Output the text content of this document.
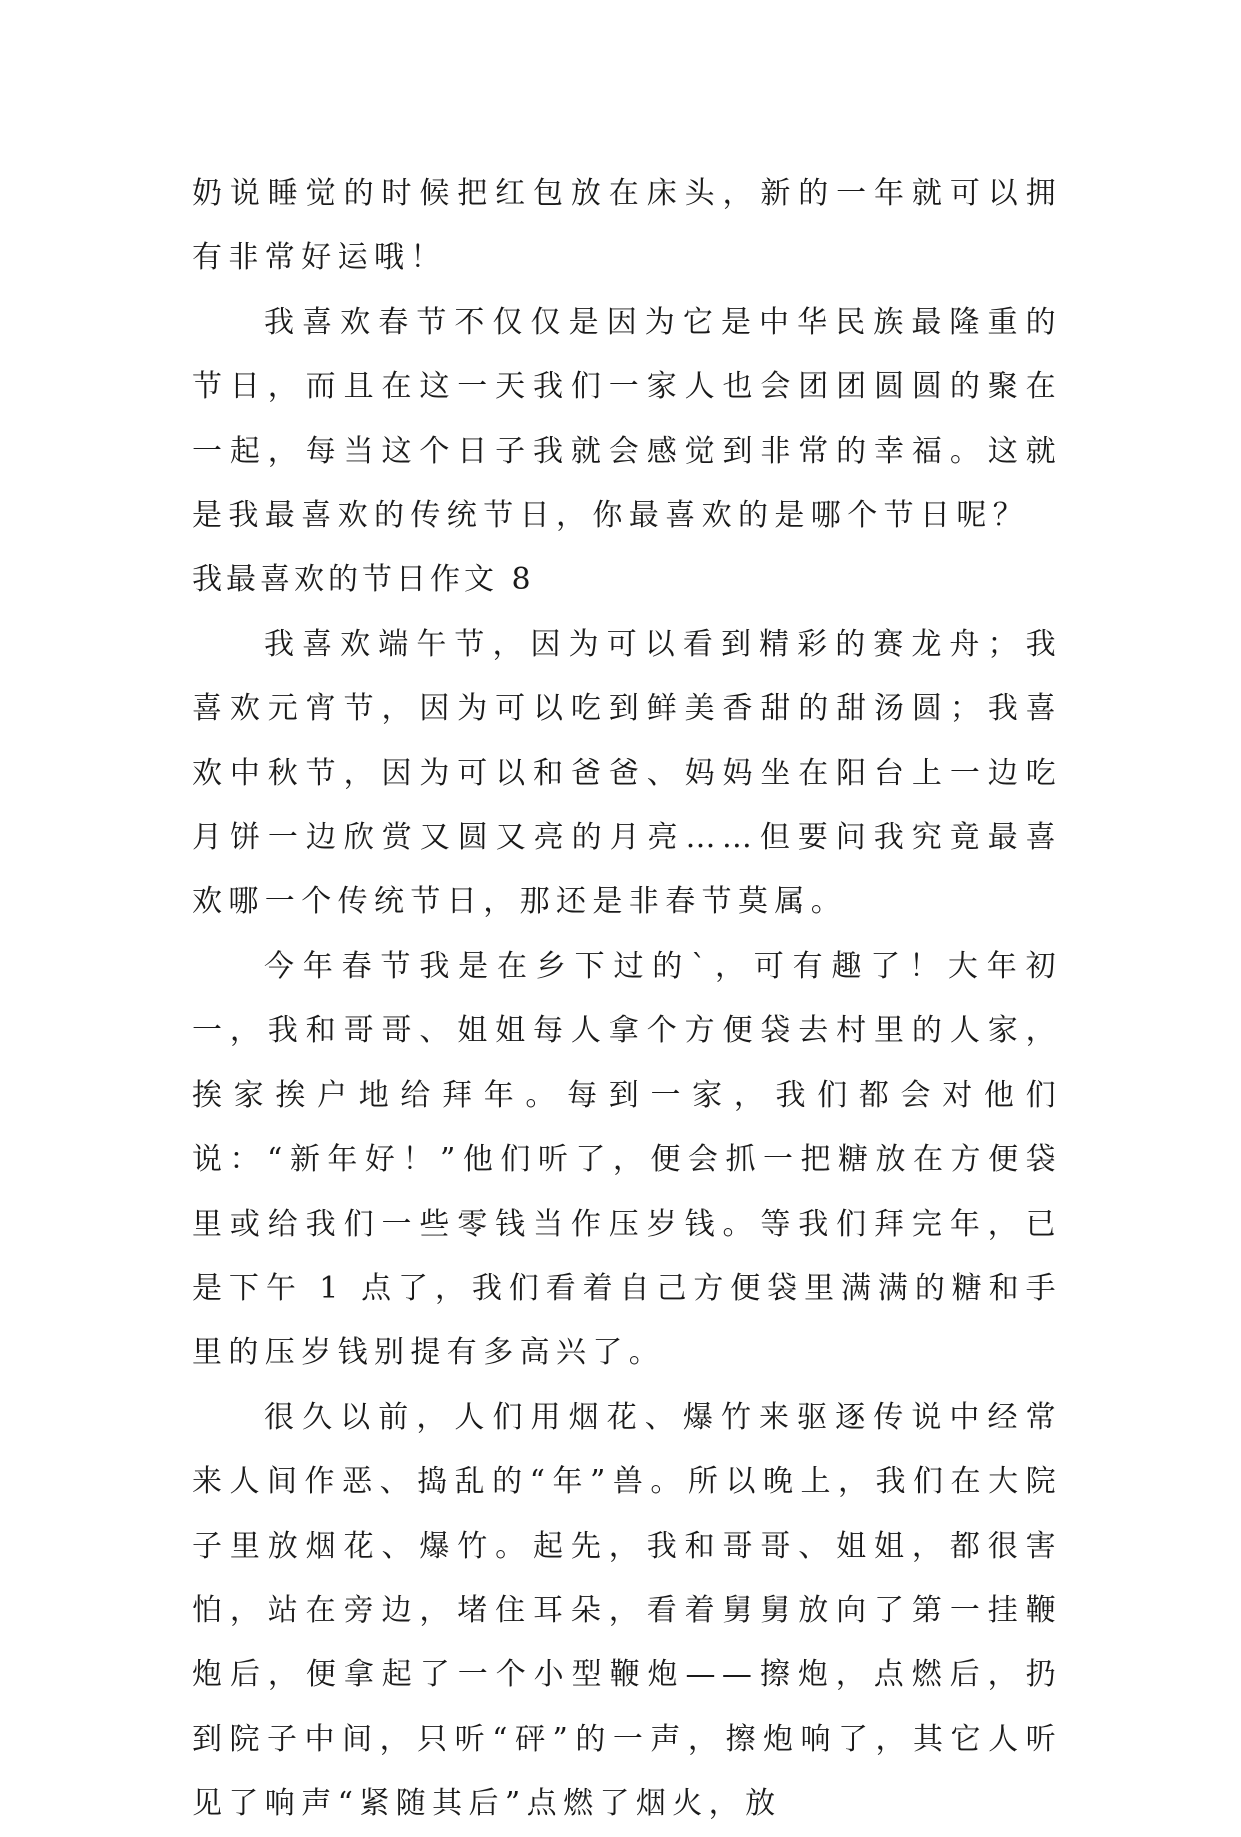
奶说睡觉的时候把红包放在床头，新的一年就可以拥有非常好运哦！

我喜欢春节不仅仅是因为它是中华民族最隆重的节日，而且在这一天我们一家人也会团团圆圆的聚在一起，每当这个日子我就会感觉到非常的幸福。这就是我最喜欢的传统节日，你最喜欢的是哪个节日呢？

我最喜欢的节日作文 8

我喜欢端午节，因为可以看到精彩的赛龙舟；我喜欢元宵节，因为可以吃到鲜美香甜的甜汤圆；我喜欢中秋节，因为可以和爸爸、妈妈坐在阳台上一边吃月饼一边欣赏又圆又亮的月亮……但要问我究竟最喜欢哪一个传统节日，那还是非春节莫属。

今年春节我是在乡下过的`，可有趣了！大年初一，我和哥哥、姐姐每人拿个方便袋去村里的人家，挨家挨户地给拜年。每到一家，我们都会对他们说：“新年好！”他们听了，便会抓一把糖放在方便袋里或给我们一些零钱当作压岁钱。等我们拜完年，已是下午 1 点了，我们看着自己方便袋里满满的糖和手里的压岁钱别提有多高兴了。

很久以前，人们用烟花、爆竹来驱逐传说中经常来人间作恶、捣乱的“年”兽。所以晚上，我们在大院子里放烟花、爆竹。起先，我和哥哥、姐姐，都很害怕，站在旁边，堵住耳朵，看着舅舅放向了第一挂鞭炮后，便拿起了一个小型鞭炮——擦炮，点燃后，扔到院子中间，只听“砰”的一声，擦炮响了，其它人听见了响声“紧随其后”点燃了烟火，放
